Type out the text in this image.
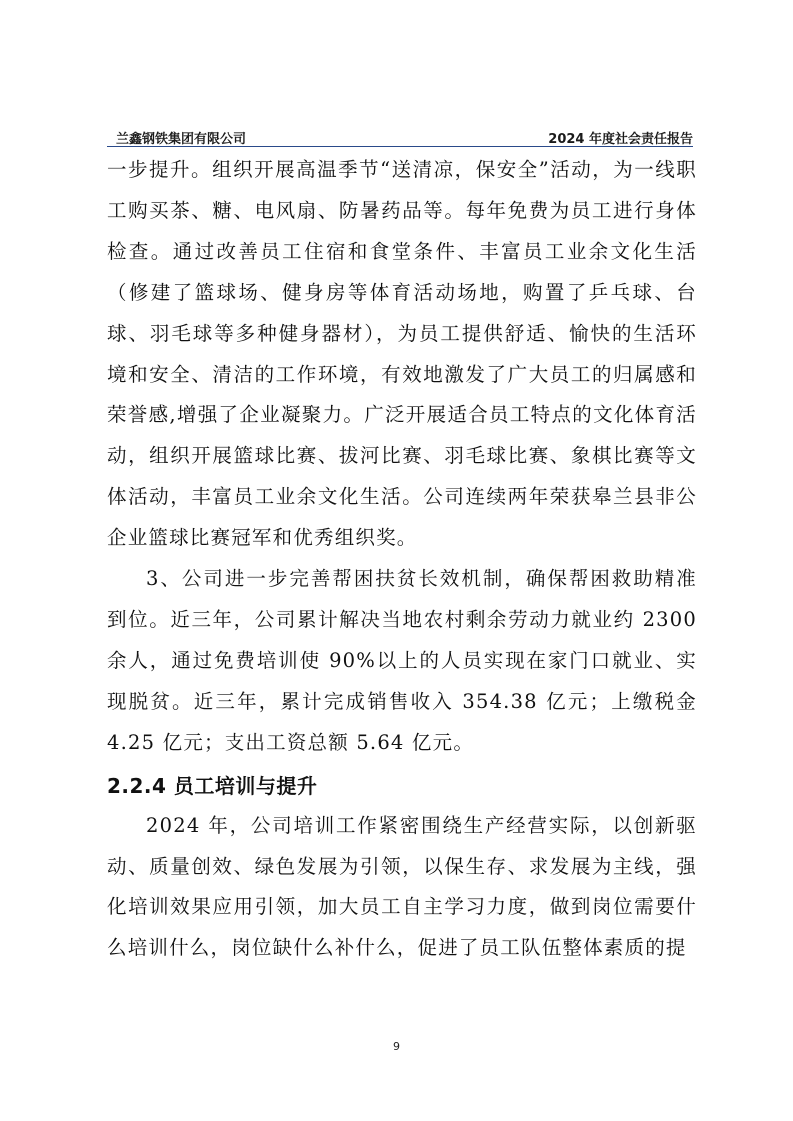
兰鑫钢铁集团有限公司	2024 年度社会责任报告

一步提升。组织开展高温季节“送清凉，保安全”活动，为一线职工购买茶、糖、电风扇、防暑药品等。每年免费为员工进行身体检查。通过改善员工住宿和食堂条件、丰富员工业余文化生活（修建了篮球场、健身房等体育活动场地，购置了乒乓球、台球、羽毛球等多种健身器材），为员工提供舒适、愉快的生活环境和安全、清洁的工作环境，有效地激发了广大员工的归属感和荣誉感,增强了企业凝聚力。广泛开展适合员工特点的文化体育活动，组织开展篮球比赛、拔河比赛、羽毛球比赛、象棋比赛等文体活动，丰富员工业余文化生活。公司连续两年荣获皋兰县非公企业篮球比赛冠军和优秀组织奖。

3、公司进一步完善帮困扶贫长效机制，确保帮困救助精准到位。近三年，公司累计解决当地农村剩余劳动力就业约 2300 余人，通过免费培训使 90%以上的人员实现在家门口就业、实现脱贫。近三年，累计完成销售收入 354.38 亿元；上缴税金 4.25 亿元；支出工资总额 5.64 亿元。

2.2.4 员工培训与提升

2024 年，公司培训工作紧密围绕生产经营实际，以创新驱动、质量创效、绿色发展为引领，以保生存、求发展为主线，强化培训效果应用引领，加大员工自主学习力度，做到岗位需要什么培训什么，岗位缺什么补什么，促进了员工队伍整体素质的提

9
